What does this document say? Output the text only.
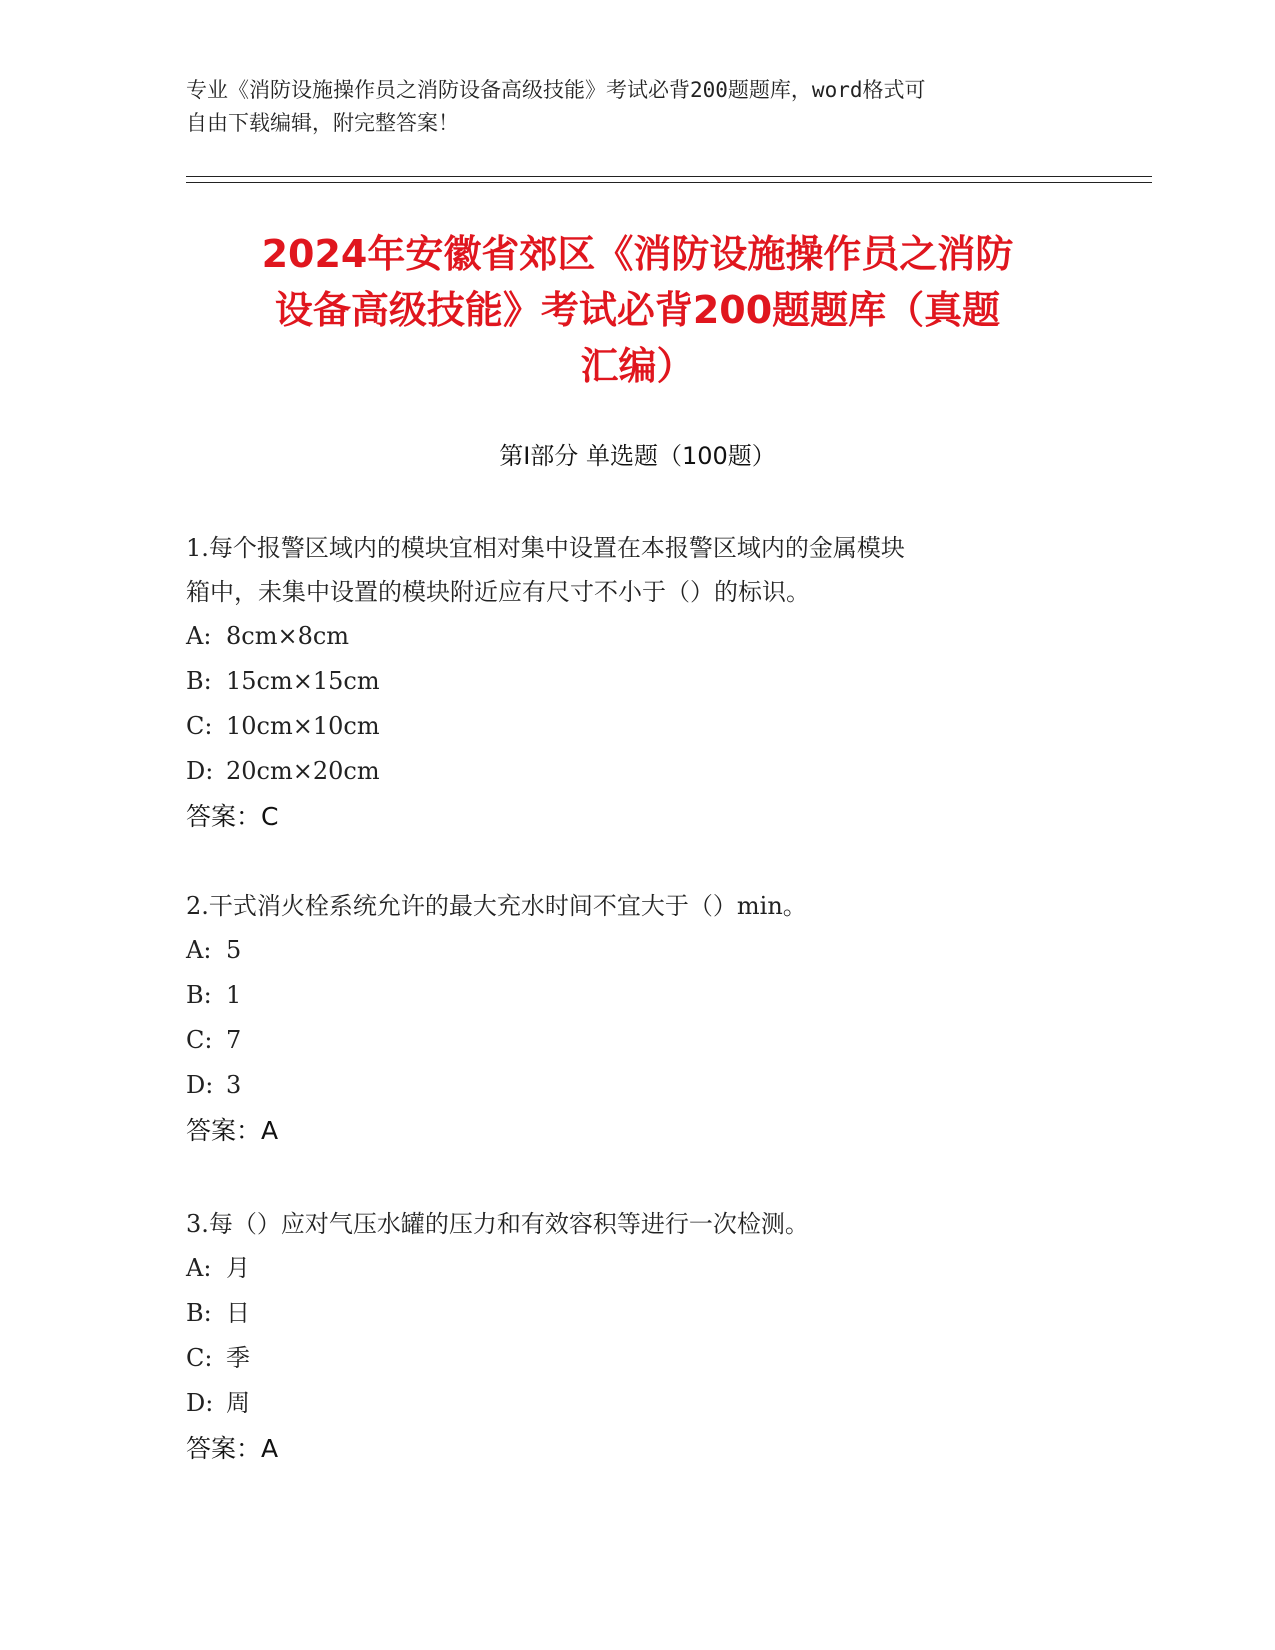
专业《消防设施操作员之消防设备高级技能》考试必背200题题库，word格式可
自由下载编辑，附完整答案！
2024年安徽省郊区《消防设施操作员之消防
设备高级技能》考试必背200题题库（真题
汇编）
第I部分 单选题（100题）
1.每个报警区域内的模块宜相对集中设置在本报警区域内的金属模块
箱中，未集中设置的模块附近应有尺寸不小于（）的标识。
A: 8cm×8cm
B: 15cm×15cm
C: 10cm×10cm
D: 20cm×20cm
答案：C
2.干式消火栓系统允许的最大充水时间不宜大于（）min。
A: 5
B: 1
C: 7
D: 3
答案：A
3.每（）应对气压水罐的压力和有效容积等进行一次检测。
A: 月
B: 日
C: 季
D: 周
答案：A
